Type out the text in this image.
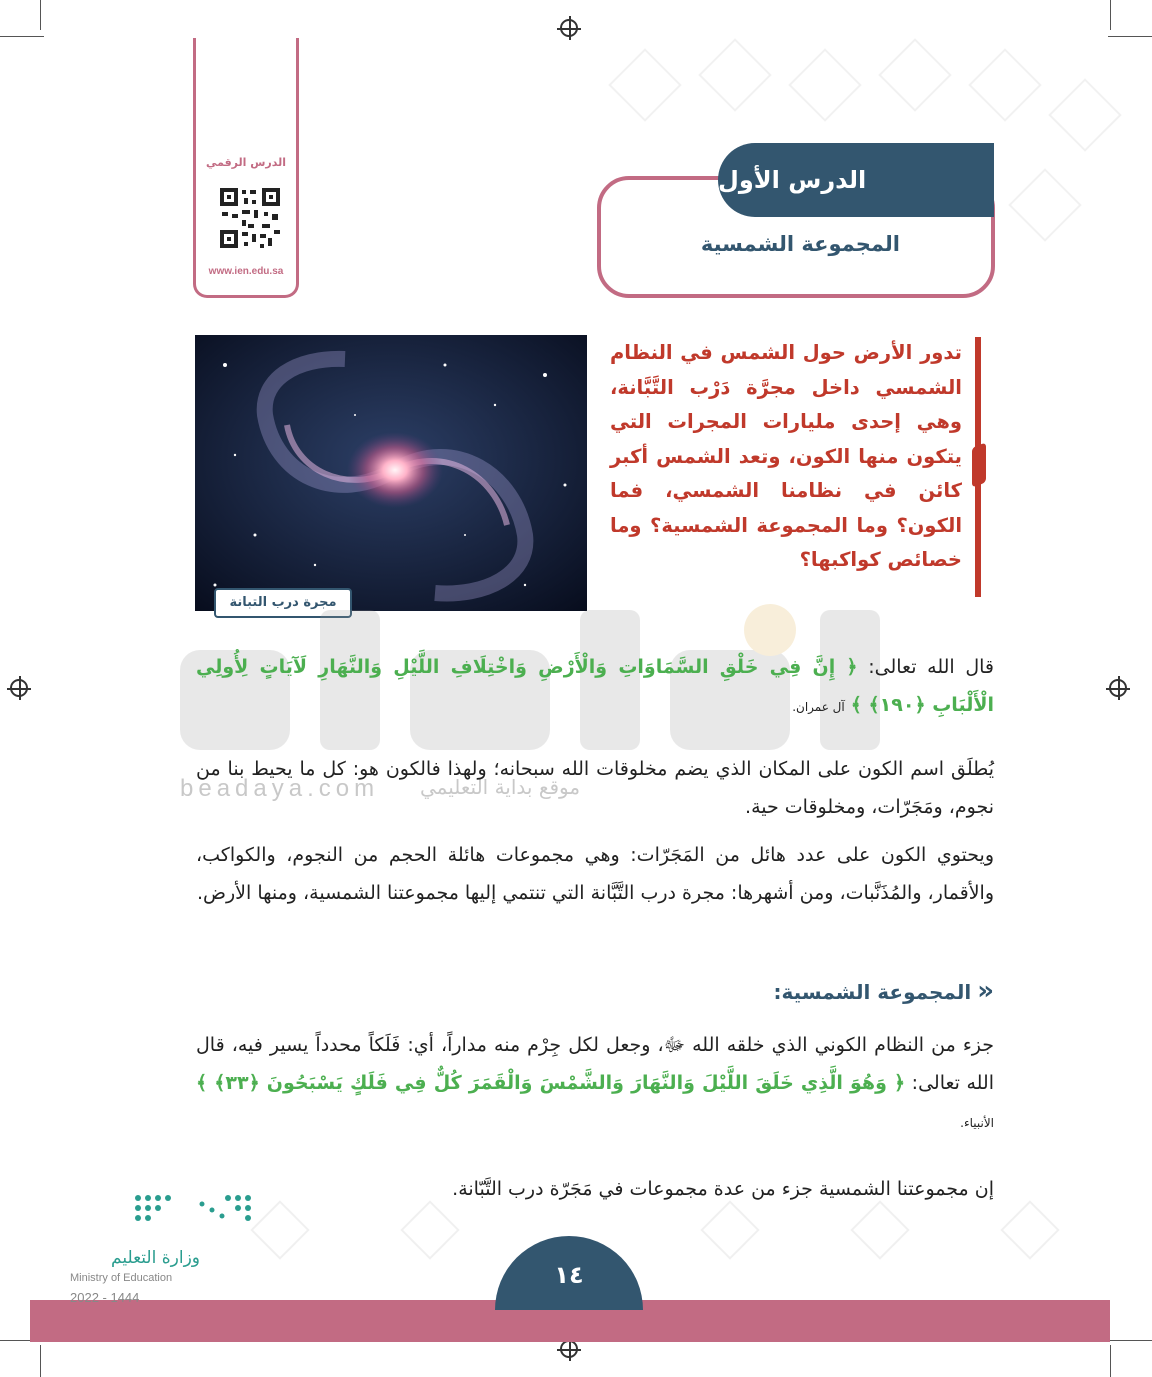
الدرس الرقمي
www.ien.edu.sa
الدرس الأول
المجموعة الشمسية
مجرة درب التبانة
تدور الأرض حول الشمس في النظام الشمسي داخل مجرَّة دَرْب التَّبَّانة، وهي إحدى مليارات المجرات التي يتكون منها الكون، وتعد الشمس أكبر كائن في نظامنا الشمسي، فما الكون؟ وما المجموعة الشمسية؟ وما خصائص كواكبها؟
beadaya.com موقع بداية التعليمي
قال الله تعالى: ﴿ إِنَّ فِي خَلْقِ السَّمَاوَاتِ وَالْأَرْضِ وَاخْتِلَافِ اللَّيْلِ وَالنَّهَارِ لَآيَاتٍ لِأُولِي الْأَلْبَابِ ﴿١٩٠﴾ ﴾ آل عمران.
يُطلَق اسم الكون على المكان الذي يضم مخلوقات الله سبحانه؛ ولهذا فالكون هو: كل ما يحيط بنا من نجوم، ومَجَرّات، ومخلوقات حية.
ويحتوي الكون على عدد هائل من المَجَرّات: وهي مجموعات هائلة الحجم من النجوم، والكواكب، والأقمار، والمُذَنَّبات، ومن أشهرها: مجرة درب التَّبَّانة التي تنتمي إليها مجموعتنا الشمسية، ومنها الأرض.
«المجموعة الشمسية:
جزء من النظام الكوني الذي خلقه الله ﷻ، وجعل لكل جِرْم منه مداراً، أي: فَلَكاً محدداً يسير فيه، قال الله تعالى: ﴿ وَهُوَ الَّذِي خَلَقَ اللَّيْلَ وَالنَّهَارَ وَالشَّمْسَ وَالْقَمَرَ كُلٌّ فِي فَلَكٍ يَسْبَحُونَ ﴿٣٣﴾ ﴾ الأنبياء.
إن مجموعتنا الشمسية جزء من عدة مجموعات في مَجَرّة درب التَّبّانة.
١٤
وزارة التعليم
Ministry of Education
2022 - 1444
